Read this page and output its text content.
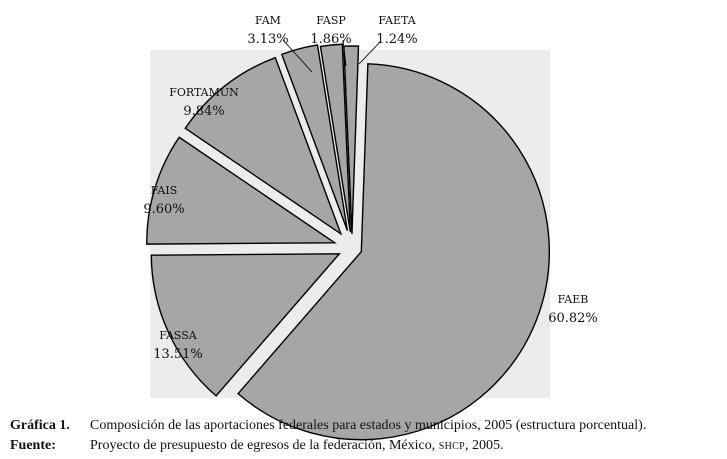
FAEB
60.82%
FASSA
13.51%
FAIS
9.60%
FORTAMUN
9.84%
FAM
3.13%
FASP
1.86%
FAETA
1.24%
Gráfica 1.	Composición de las aportaciones federales para estados y municipios, 2005 (estructura porcentual).
Fuente:	Proyecto de presupuesto de egresos de la federación, México, SHCP, 2005.
